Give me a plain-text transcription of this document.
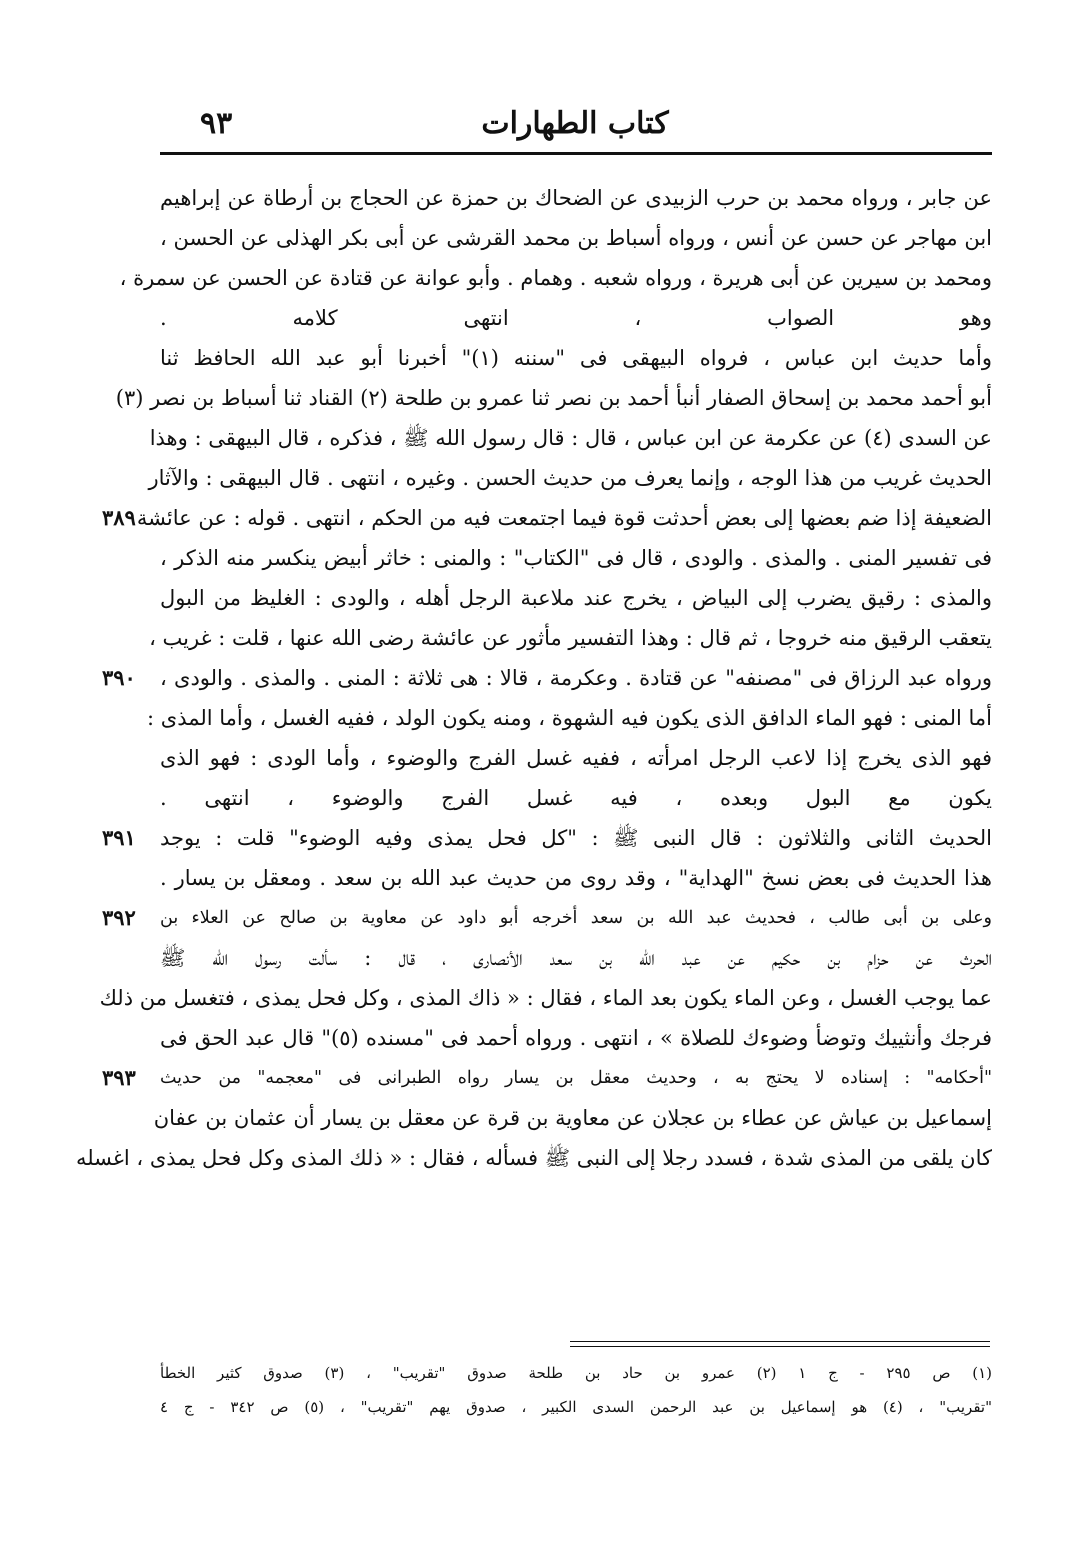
كتاب الطهارات
٩٣
عن جابر ، ورواه محمد بن حرب الزبيدى عن الضحاك بن حمزة عن الحجاج بن أرطاة عن إبراهيم
ابن مهاجر عن حسن عن أنس ، ورواه أسباط بن محمد القرشى عن أبى بكر الهذلى عن الحسن ،
ومحمد بن سيرين عن أبى هريرة ، ورواه شعبه . وهمام . وأبو عوانة عن قتادة عن الحسن عن سمرة ،
وهو الصواب ، انتهى كلامه .
وأما حديث ابن عباس ، فرواه البيهقى فى "سننه (١)" أخبرنا أبو عبد الله الحافظ ثنا
أبو أحمد محمد بن إسحاق الصفار أنبأ أحمد بن نصر ثنا عمرو بن طلحة (٢) القناد ثنا أسباط بن نصر (٣)
عن السدى (٤) عن عكرمة عن ابن عباس ، قال : قال رسول الله ﷺ ، فذكره ، قال البيهقى : وهذا
الحديث غريب من هذا الوجه ، وإنما يعرف من حديث الحسن . وغيره ، انتهى . قال البيهقى : والآثار
الضعيفة إذا ضم بعضها إلى بعض أحدثت قوة فيما اجتمعت فيه من الحكم ، انتهى . قوله : عن عائشة
٣٨٩
فى تفسير المنى . والمذى . والودى ، قال فى "الكتاب" : والمنى : خاثر أبيض ينكسر منه الذكر ،
والمذى : رقيق يضرب إلى البياض ، يخرج عند ملاعبة الرجل أهله ، والودى : الغليظ من البول
يتعقب الرقيق منه خروجا ، ثم قال : وهذا التفسير مأثور عن عائشة رضى الله عنها ، قلت : غريب ،
ورواه عبد الرزاق فى "مصنفه" عن قتادة . وعكرمة ، قالا : هى ثلاثة : المنى . والمذى . والودى ،
٣٩٠
أما المنى : فهو الماء الدافق الذى يكون فيه الشهوة ، ومنه يكون الولد ، ففيه الغسل ، وأما المذى :
فهو الذى يخرج إذا لاعب الرجل امرأته ، ففيه غسل الفرج والوضوء ، وأما الودى : فهو الذى
يكون مع البول وبعده ، فيه غسل الفرج والوضوء ، انتهى .
الحديث الثانى والثلاثون : قال النبى ﷺ : "كل فحل يمذى وفيه الوضوء" قلت : يوجد
٣٩١
هذا الحديث فى بعض نسخ "الهداية" ، وقد روى من حديث عبد الله بن سعد . ومعقل بن يسار .
وعلى بن أبى طالب ، فحديث عبد الله بن سعد أخرجه أبو داود عن معاوية بن صالح عن العلاء بن
٣٩٢
الحرث عن حزام بن حكيم عن عبد الله بن سعد الأنصارى ، قال : سألت رسول الله ﷺ
عما يوجب الغسل ، وعن الماء يكون بعد الماء ، فقال : « ذاك المذى ، وكل فحل يمذى ، فتغسل من ذلك
فرجك وأنثييك وتوضأ وضوءك للصلاة » ، انتهى . ورواه أحمد فى "مسنده (٥)" قال عبد الحق فى
"أحكامه" : إسناده لا يحتج به ، وحديث معقل بن يسار رواه الطبرانى فى "معجمه" من حديث
٣٩٣
إسماعيل بن عياش عن عطاء بن عجلان عن معاوية بن قرة عن معقل بن يسار أن عثمان بن عفان
كان يلقى من المذى شدة ، فسدد رجلا إلى النبى ﷺ فسأله ، فقال : « ذلك المذى وكل فحل يمذى ، اغسله
(١) ص ٢٩٥ - ج ١ (٢) عمرو بن حاد بن طلحة صدوق "تقريب" ، (٣) صدوق كثير الخطأ
"تقريب" ، (٤) هو إسماعيل بن عبد الرحمن السدى الكبير ، صدوق يهم "تقريب" ، (٥) ص ٣٤٢ - ج ٤
